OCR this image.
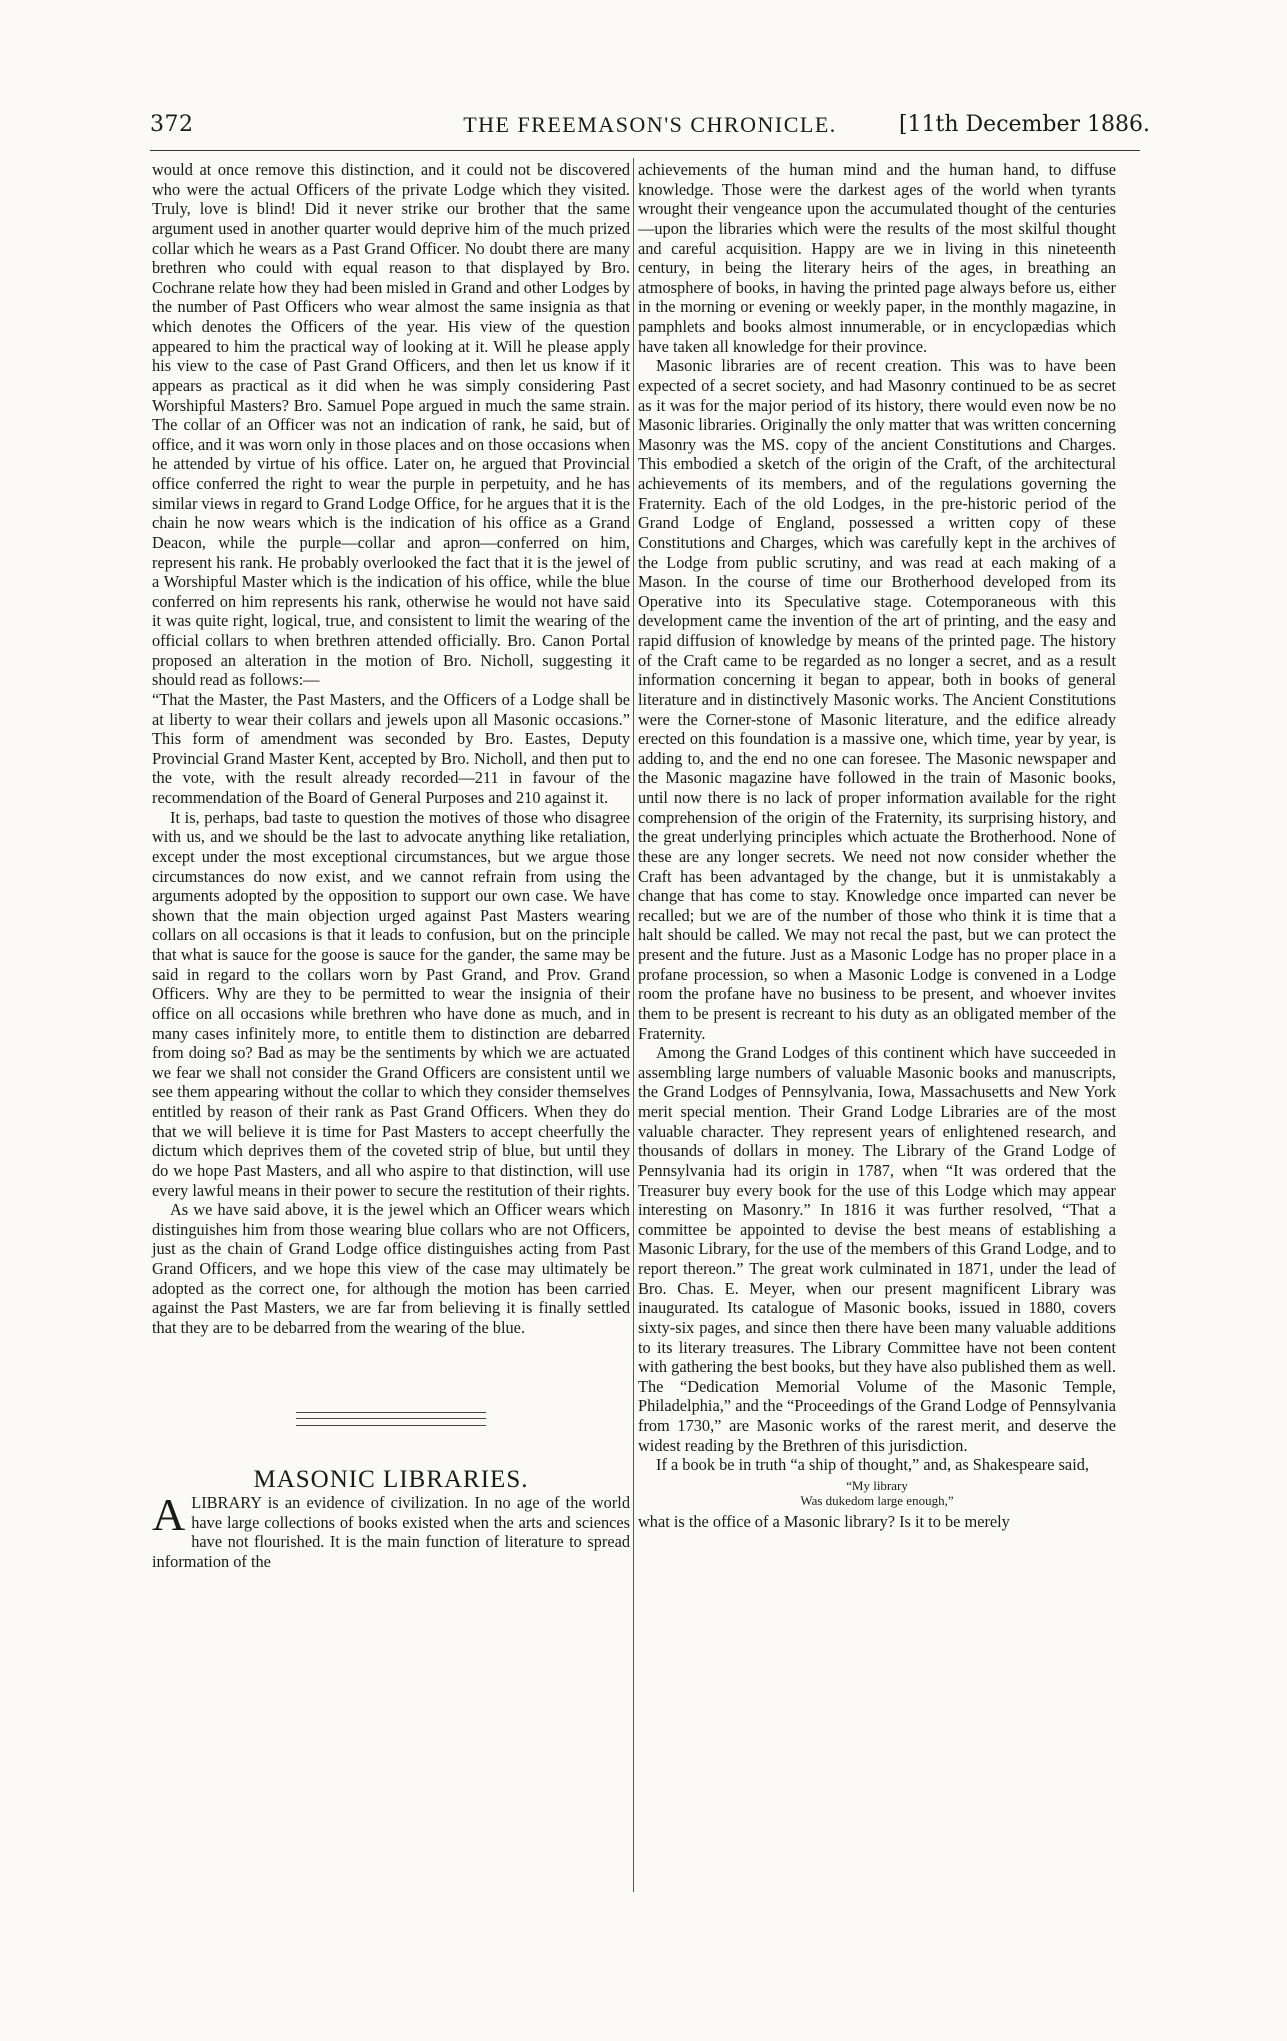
372	THE FREEMASON'S CHRONICLE.	[11th December 1886.

would at once remove this distinction, and it could not be discovered who were the actual Officers of the private Lodge which they visited. Truly, love is blind! Did it never strike our brother that the same argument used in another quarter would deprive him of the much prized collar which he wears as a Past Grand Officer. No doubt there are many brethren who could with equal reason to that displayed by Bro. Cochrane relate how they had been misled in Grand and other Lodges by the number of Past Officers who wear almost the same insignia as that which denotes the Officers of the year. His view of the question appeared to him the practical way of looking at it. Will he please apply his view to the case of Past Grand Officers, and then let us know if it appears as practical as it did when he was simply considering Past Worshipful Masters? Bro. Samuel Pope argued in much the same strain. The collar of an Officer was not an indication of rank, he said, but of office, and it was worn only in those places and on those occasions when he attended by virtue of his office. Later on, he argued that Provincial office conferred the right to wear the purple in perpetuity, and he has similar views in regard to Grand Lodge Office, for he argues that it is the chain he now wears which is the indication of his office as a Grand Deacon, while the purple—collar and apron—conferred on him, represent his rank. He probably overlooked the fact that it is the jewel of a Worshipful Master which is the indication of his office, while the blue conferred on him represents his rank, otherwise he would not have said it was quite right, logical, true, and consistent to limit the wearing of the official collars to when brethren attended officially. Bro. Canon Portal proposed an alteration in the motion of Bro. Nicholl, suggesting it should read as follows:—

“That the Master, the Past Masters, and the Officers of a Lodge shall be at liberty to wear their collars and jewels upon all Masonic occasions.” This form of amendment was seconded by Bro. Eastes, Deputy Provincial Grand Master Kent, accepted by Bro. Nicholl, and then put to the vote, with the result already recorded—211 in favour of the recommendation of the Board of General Purposes and 210 against it.

It is, perhaps, bad taste to question the motives of those who disagree with us, and we should be the last to advocate anything like retaliation, except under the most exceptional circumstances, but we argue those circumstances do now exist, and we cannot refrain from using the arguments adopted by the opposition to support our own case. We have shown that the main objection urged against Past Masters wearing collars on all occasions is that it leads to confusion, but on the principle that what is sauce for the goose is sauce for the gander, the same may be said in regard to the collars worn by Past Grand, and Prov. Grand Officers. Why are they to be permitted to wear the insignia of their office on all occasions while brethren who have done as much, and in many cases infinitely more, to entitle them to distinction are debarred from doing so? Bad as may be the sentiments by which we are actuated we fear we shall not consider the Grand Officers are consistent until we see them appearing without the collar to which they consider themselves entitled by reason of their rank as Past Grand Officers. When they do that we will believe it is time for Past Masters to accept cheerfully the dictum which deprives them of the coveted strip of blue, but until they do we hope Past Masters, and all who aspire to that distinction, will use every lawful means in their power to secure the restitution of their rights.

As we have said above, it is the jewel which an Officer wears which distinguishes him from those wearing blue collars who are not Officers, just as the chain of Grand Lodge office distinguishes acting from Past Grand Officers, and we hope this view of the case may ultimately be adopted as the correct one, for although the motion has been carried against the Past Masters, we are far from believing it is finally settled that they are to be debarred from the wearing of the blue.

MASONIC LIBRARIES.

A LIBRARY is an evidence of civilization. In no age of the world have large collections of books existed when the arts and sciences have not flourished. It is the main function of literature to spread information of the

achievements of the human mind and the human hand, to diffuse knowledge. Those were the darkest ages of the world when tyrants wrought their vengeance upon the accumulated thought of the centuries—upon the libraries which were the results of the most skilful thought and careful acquisition. Happy are we in living in this nineteenth century, in being the literary heirs of the ages, in breathing an atmosphere of books, in having the printed page always before us, either in the morning or evening or weekly paper, in the monthly magazine, in pamphlets and books almost innumerable, or in encyclopædias which have taken all knowledge for their province.

Masonic libraries are of recent creation. This was to have been expected of a secret society, and had Masonry continued to be as secret as it was for the major period of its history, there would even now be no Masonic libraries. Originally the only matter that was written concerning Masonry was the MS. copy of the ancient Constitutions and Charges. This embodied a sketch of the origin of the Craft, of the architectural achievements of its members, and of the regulations governing the Fraternity. Each of the old Lodges, in the pre-historic period of the Grand Lodge of England, possessed a written copy of these Constitutions and Charges, which was carefully kept in the archives of the Lodge from public scrutiny, and was read at each making of a Mason. In the course of time our Brotherhood developed from its Operative into its Speculative stage. Cotemporaneous with this development came the invention of the art of printing, and the easy and rapid diffusion of knowledge by means of the printed page. The history of the Craft came to be regarded as no longer a secret, and as a result information concerning it began to appear, both in books of general literature and in distinctively Masonic works. The Ancient Constitutions were the Corner-stone of Masonic literature, and the edifice already erected on this foundation is a massive one, which time, year by year, is adding to, and the end no one can foresee. The Masonic newspaper and the Masonic magazine have followed in the train of Masonic books, until now there is no lack of proper information available for the right comprehension of the origin of the Fraternity, its surprising history, and the great underlying principles which actuate the Brotherhood. None of these are any longer secrets. We need not now consider whether the Craft has been advantaged by the change, but it is unmistakably a change that has come to stay. Knowledge once imparted can never be recalled; but we are of the number of those who think it is time that a halt should be called. We may not recal the past, but we can protect the present and the future. Just as a Masonic Lodge has no proper place in a profane procession, so when a Masonic Lodge is convened in a Lodge room the profane have no business to be present, and whoever invites them to be present is recreant to his duty as an obligated member of the Fraternity.

Among the Grand Lodges of this continent which have succeeded in assembling large numbers of valuable Masonic books and manuscripts, the Grand Lodges of Pennsylvania, Iowa, Massachusetts and New York merit special mention. Their Grand Lodge Libraries are of the most valuable character. They represent years of enlightened research, and thousands of dollars in money. The Library of the Grand Lodge of Pennsylvania had its origin in 1787, when “It was ordered that the Treasurer buy every book for the use of this Lodge which may appear interesting on Masonry.” In 1816 it was further resolved, “That a committee be appointed to devise the best means of establishing a Masonic Library, for the use of the members of this Grand Lodge, and to report thereon.” The great work culminated in 1871, under the lead of Bro. Chas. E. Meyer, when our present magnificent Library was inaugurated. Its catalogue of Masonic books, issued in 1880, covers sixty-six pages, and since then there have been many valuable additions to its literary treasures. The Library Committee have not been content with gathering the best books, but they have also published them as well. The “Dedication Memorial Volume of the Masonic Temple, Philadelphia,” and the “Proceedings of the Grand Lodge of Pennsylvania from 1730,” are Masonic works of the rarest merit, and deserve the widest reading by the Brethren of this jurisdiction.

If a book be in truth “a ship of thought,” and, as Shakespeare said,

“My library
Was dukedom large enough,”

what is the office of a Masonic library? Is it to be merely
